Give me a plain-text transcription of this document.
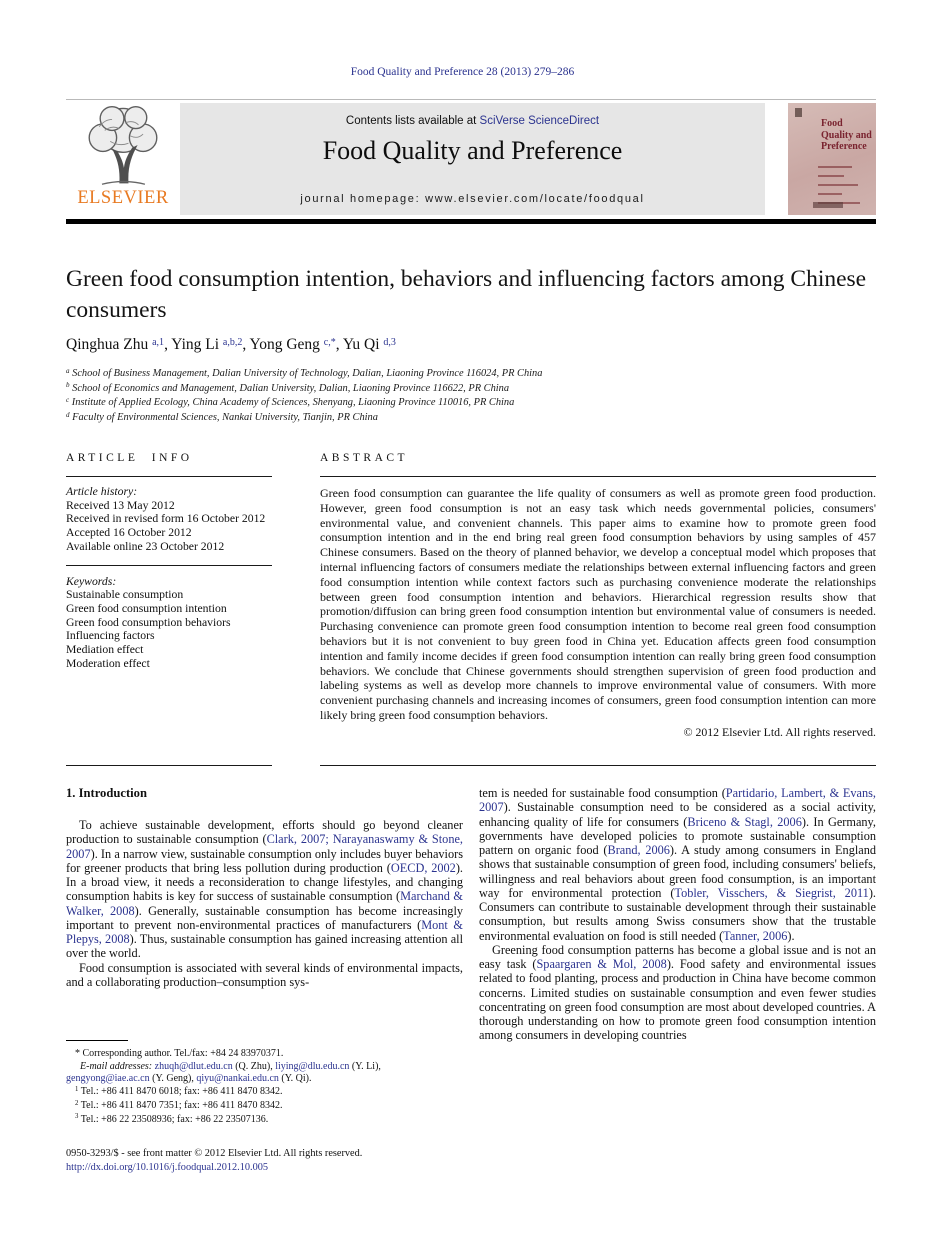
Food Quality and Preference 28 (2013) 279–286
ELSEVIER
Contents lists available at SciVerse ScienceDirect
Food Quality and Preference
journal homepage: www.elsevier.com/locate/foodqual
Food
Quality and
Preference
Green food consumption intention, behaviors and influencing factors among Chinese consumers
Qinghua Zhu $^{a,1}$, Ying Li $^{a,b,2}$, Yong Geng $^{c,*}$, Yu Qi $^{d,3}$
$^a$ School of Business Management, Dalian University of Technology, Dalian, Liaoning Province 116024, PR China
$^b$ School of Economics and Management, Dalian University, Dalian, Liaoning Province 116622, PR China
$^c$ Institute of Applied Ecology, China Academy of Sciences, Shenyang, Liaoning Province 110016, PR China
$^d$ Faculty of Environmental Sciences, Nankai University, Tianjin, PR China
ARTICLE INFO
Article history:
Received 13 May 2012
Received in revised form 16 October 2012
Accepted 16 October 2012
Available online 23 October 2012
Keywords:
Sustainable consumption
Green food consumption intention
Green food consumption behaviors
Influencing factors
Mediation effect
Moderation effect
ABSTRACT
Green food consumption can guarantee the life quality of consumers as well as promote green food production. However, green food consumption is not an easy task which needs governmental policies, consumers' environmental value, and convenient channels. This paper aims to examine how to promote green food consumption intention and in the end bring real green food consumption behaviors by using samples of 457 Chinese consumers. Based on the theory of planned behavior, we develop a conceptual model which proposes that internal influencing factors of consumers mediate the relationships between external influencing factors and green food consumption intention while context factors such as purchasing convenience moderate the relationships between green food consumption intention and behaviors. Hierarchical regression results show that promotion/diffusion can bring green food consumption intention but environmental value of consumers is needed. Purchasing convenience can promote green food consumption intention to become real green food consumption behaviors but it is not convenient to buy green food in China yet. Education affects green food consumption intention and family income decides if green food consumption intention can really bring green food consumption behaviors. We conclude that Chinese governments should strengthen supervision of green food production and labeling systems as well as develop more channels to improve environmental value of consumers. With more convenient purchasing channels and increasing incomes of consumers, green food consumption intention can more likely bring green food consumption behaviors.
© 2012 Elsevier Ltd. All rights reserved.
1. Introduction

To achieve sustainable development, efforts should go beyond cleaner production to sustainable consumption (Clark, 2007; Narayanaswamy & Stone, 2007). In a narrow view, sustainable consumption only includes buyer behaviors for greener products that bring less pollution during production (OECD, 2002). In a broad view, it needs a reconsideration to change lifestyles, and changing consumption habits is key for success of sustainable consumption (Marchand & Walker, 2008). Generally, sustainable consumption has become increasingly important to prevent non-environmental practices of manufacturers (Mont & Plepys, 2008). Thus, sustainable consumption has gained increasing attention all over the world.

Food consumption is associated with several kinds of environmental impacts, and a collaborating production–consumption sys-

tem is needed for sustainable food consumption (Partidario, Lambert, & Evans, 2007). Sustainable consumption need to be considered as a social activity, enhancing quality of life for consumers (Briceno & Stagl, 2006). In Germany, governments have developed policies to promote sustainable consumption pattern on organic food (Brand, 2006). A study among consumers in England shows that sustainable consumption of green food, including consumers' beliefs, willingness and real behaviors about green food consumption, is an important way for environmental protection (Tobler, Visschers, & Siegrist, 2011). Consumers can contribute to sustainable development through their sustainable consumption, but results among Swiss consumers show that the trustable environmental evaluation on food is still needed (Tanner, 2006).

Greening food consumption patterns has become a global issue and is not an easy task (Spaargaren & Mol, 2008). Food safety and environmental issues related to food planting, process and production in China have become common concerns. Limited studies on sustainable consumption and even fewer studies concentrating on green food consumption are most about developed countries. A thorough understanding on how to promote green food consumption intention among consumers in developing countries

* Corresponding author. Tel./fax: +84 24 83970371.
E-mail addresses: zhuqh@dlut.edu.cn (Q. Zhu), liying@dlu.edu.cn (Y. Li), gengyong@iae.ac.cn (Y. Geng), qiyu@nankai.edu.cn (Y. Qi).
$^1$ Tel.: +86 411 8470 6018; fax: +86 411 8470 8342.
$^2$ Tel.: +86 411 8470 7351; fax: +86 411 8470 8342.
$^3$ Tel.: +86 22 23508936; fax: +86 22 23507136.
0950-3293/$ - see front matter © 2012 Elsevier Ltd. All rights reserved.
http://dx.doi.org/10.1016/j.foodqual.2012.10.005
